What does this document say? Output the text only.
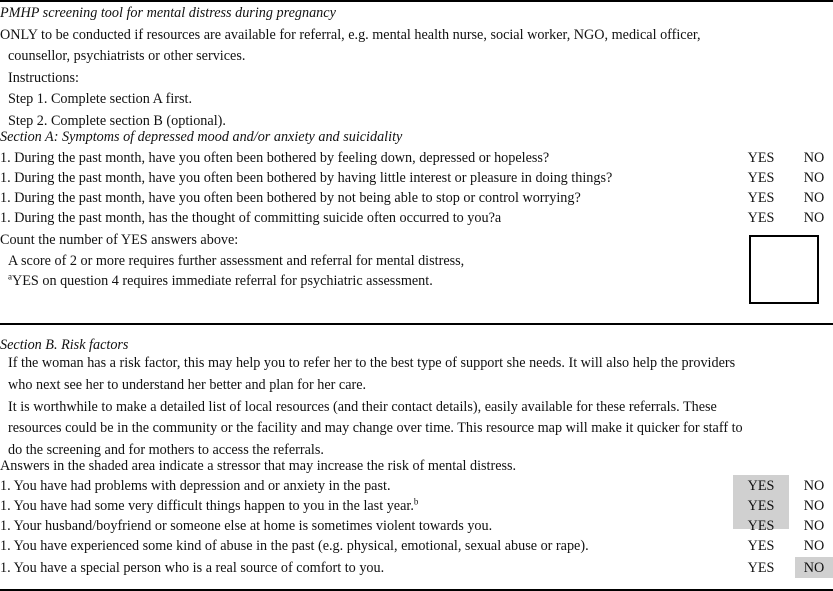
PMHP screening tool for mental distress during pregnancy
ONLY to be conducted if resources are available for referral, e.g. mental health nurse, social worker, NGO, medical officer,
counsellor, psychiatrists or other services.
Instructions:
Step 1. Complete section A first.
Step 2. Complete section B (optional).
Section A: Symptoms of depressed mood and/or anxiety and suicidality
1. During the past month, have you often been bothered by feeling down, depressed or hopeless?	YES	NO
1. During the past month, have you often been bothered by having little interest or pleasure in doing things?	YES	NO
1. During the past month, have you often been bothered by not being able to stop or control worrying?	YES	NO
1. During the past month, has the thought of committing suicide often occurred to you?a	YES	NO
Count the number of YES answers above:
A score of 2 or more requires further assessment and referral for mental distress,
$^a$YES on question 4 requires immediate referral for psychiatric assessment.
Section B. Risk factors
If the woman has a risk factor, this may help you to refer her to the best type of support she needs. It will also help the providers
who next see her to understand her better and plan for her care.
It is worthwhile to make a detailed list of local resources (and their contact details), easily available for these referrals. These
resources could be in the community or the facility and may change over time. This resource map will make it quicker for staff to
do the screening and for mothers to access the referrals.
Answers in the shaded area indicate a stressor that may increase the risk of mental distress.
1. You have had problems with depression and or anxiety in the past.	YES	NO
1. You have had some very difficult things happen to you in the last year.$^b$	YES	NO
1. Your husband/boyfriend or someone else at home is sometimes violent towards you.	YES	NO
1. You have experienced some kind of abuse in the past (e.g. physical, emotional, sexual abuse or rape).	YES	NO
1. You have a special person who is a real source of comfort to you.	YES	NO
